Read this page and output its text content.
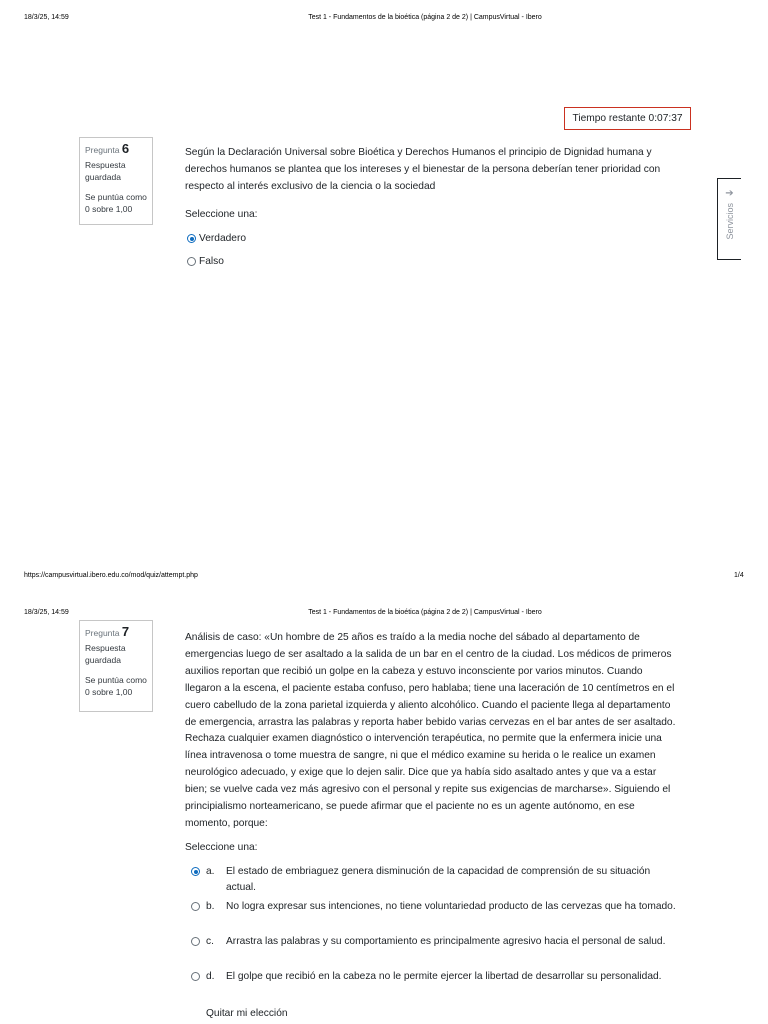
18/3/25, 14:59	Test 1 - Fundamentos de la bioética (página 2 de 2) | CampusVirtual - Ibero
Tiempo restante 0:07:37
➔
Servicios
Pregunta 6
Respuesta guardada
Se puntúa como 0 sobre 1,00
Según la Declaración Universal sobre Bioética y Derechos Humanos el principio de Dignidad humana y derechos humanos se plantea que los intereses y el bienestar de la persona deberían tener prioridad con respecto al interés exclusivo de la ciencia o la sociedad
Seleccione una:
Verdadero
Falso
https://campusvirtual.ibero.edu.co/mod/quiz/attempt.php	1/4
18/3/25, 14:59	Test 1 - Fundamentos de la bioética (página 2 de 2) | CampusVirtual - Ibero
Pregunta 7
Respuesta guardada
Se puntúa como 0 sobre 1,00
Análisis de caso: «Un hombre de 25 años es traído a la media noche del sábado al departamento de emergencias luego de ser asaltado a la salida de un bar en el centro de la ciudad. Los médicos de primeros auxilios reportan que recibió un golpe en la cabeza y estuvo inconsciente por varios minutos. Cuando llegaron a la escena, el paciente estaba confuso, pero hablaba; tiene una laceración de 10 centímetros en el cuero cabelludo de la zona parietal izquierda y aliento alcohólico. Cuando el paciente llega al departamento de emergencia, arrastra las palabras y reporta haber bebido varias cervezas en el bar antes de ser asaltado. Rechaza cualquier examen diagnóstico o intervención terapéutica, no permite que la enfermera inicie una línea intravenosa o tome muestra de sangre, ni que el médico examine su herida o le realice un examen neurológico adecuado, y exige que lo dejen salir. Dice que ya había sido asaltado antes y que va a estar bien; se vuelve cada vez más agresivo con el personal y repite sus exigencias de marcharse». Siguiendo el principialismo norteamericano, se puede afirmar que el paciente no es un agente autónomo, en ese momento, porque:
Seleccione una:
a.	El estado de embriaguez genera disminución de la capacidad de comprensión de su situación actual.
b.	No logra expresar sus intenciones, no tiene voluntariedad producto de las cervezas que ha tomado.
c.	Arrastra las palabras y su comportamiento es principalmente agresivo hacia el personal de salud.
d.	El golpe que recibió en la cabeza no le permite ejercer la libertad de desarrollar su personalidad.
Quitar mi elección
